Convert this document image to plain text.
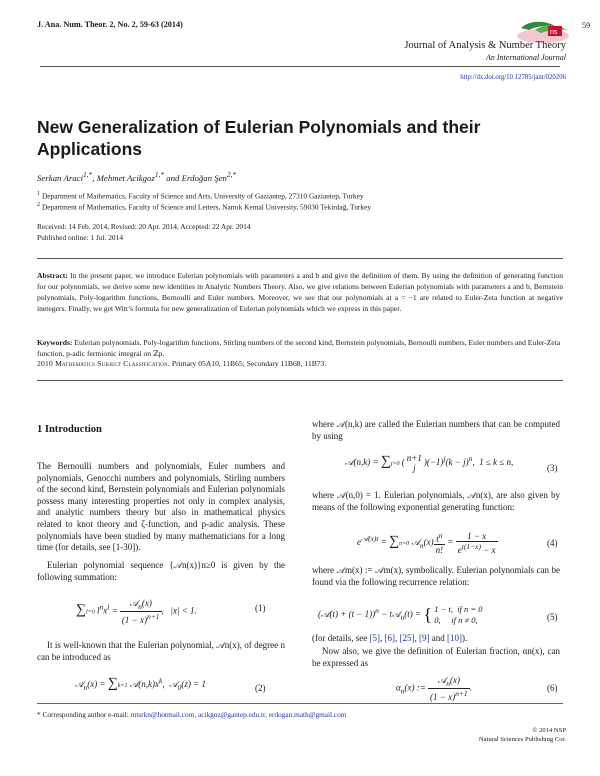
J. Ana. Num. Theor. 2, No. 2, 59-63 (2014)
ns
59
Journal of Analysis & Number Theory
An International Journal
http://dx.doi.org/10.12785/jant/020206
New Generalization of Eulerian Polynomials and their
Applications
Serkan Araci$^{1,*}$, Mehmet Acikgoz$^{1,*}$ and Erdoğan Şen$^{2,*}$
$^1$ Department of Mathematics, Faculty of Science and Arts, University of Gaziantep, 27310 Gaziantep, Turkey
$^2$ Department of Mathematics, Faculty of Science and Letters, Namık Kemal University, 59030 Tekirdağ, Turkey
Received: 14 Feb. 2014, Revised: 20 Apr. 2014, Accepted: 22 Apr. 2014
Published online: 1 Jul. 2014
Abstract: In the present paper, we introduce Eulerian polynomials with parameters a and b and give the definition of them. By using the definition of generating function for our polynomials, we derive some new identities in Analytic Numbers Theory. Also, we give relations between Eulerian polynomials with parameters a and b, Bernstein polynomials, Poly-logarithm functions, Bernoulli and Euler numbers. Moreover, we see that our polynomials at a = −1 are related to Euler-Zeta function at negative inetegers. Finally, we get Witt’s formula for new generalization of Eulerian polynomials which we express in this paper.
Keywords: Eulerian polynomials, Poly-logarithm functions, Stirling numbers of the second kind, Bernstein polynomials, Bernoulli numbers, Euler numbers and Euler-Zeta function, p-adic fermionic integral on ℤp.
2010 Mathematics Subject Classification. Primary 05A10, 11B65; Secondary 11B68, 11B73.
1 Introduction
The Bernoulli numbers and polynomials, Euler numbers and polynomials, Genocchi numbers and polynomials, Stirling numbers of the second kind, Bernstein polynomials and Eulerian polynomials possess many interesting properties not only in complex analysis, and analytic numbers theory but also in mathematical physics related to knot theory and ζ-function, and p-adic analysis. These polynomials have been studied by many mathematicians for a long time (for details, see [1-30]).
Eulerian polynomial sequence {𝒜n(x)}n≥0 is given by the following summation:
∑l=0 $l^nx^l = \frac{𝒜_n(x)}{(1 - x)^{n+1}}$ ,   |x| < 1.	(1)
It is well-known that the Eulerian polynomial, 𝒜n(x), of degree n can be introduced as
𝒜$_n$(x) = ∑k=1 $𝒜(n,k)x^k$,  𝒜$_0$(z) = 1	(2)
where 𝒜(n,k) are called the Eulerian numbers that can be computed by using
𝒜(n,k) = ∑j=0 ( n+1
j
)$(-1)^j(k - j)^n$,  1 ≤ k ≤ n,
(3)
where 𝒜(n,0) = 1. Eulerian polynomials, 𝒜n(x), are also given by means of the following exponential generating function:
$e^{𝒜(x)t} = \sum n=0$ 𝒜$_n$(x) $\frac{t^n}{n!} = \frac{1 - x}{e^{t(1-x)} - x}$	(4)
where 𝒜m(x) := 𝒜m(x), symbolically. Eulerian polynomials can be found via the following recurrence relation:
(𝒜(t) + (t − 1))$^n$ − t𝒜$_n$(t) = { 1 − t,  if n = 0
0,     if n ≠ 0,	(5)
(for details, see [5], [6], [25], [9] and [10]).
Now also, we give the definition of Eulerian fraction, αn(x), can be expressed as
$\alpha_n(x)$ := $\frac{𝒜_n(x)}{(1 - x)^{n+1}}$ .	(6)
* Corresponding author e-mail: mtsrkn@hotmail.com, acikgoz@gantep.edu.tr, erdogan.math@gmail.com
© 2014 NSP
Natural Sciences Publishing Cor.
